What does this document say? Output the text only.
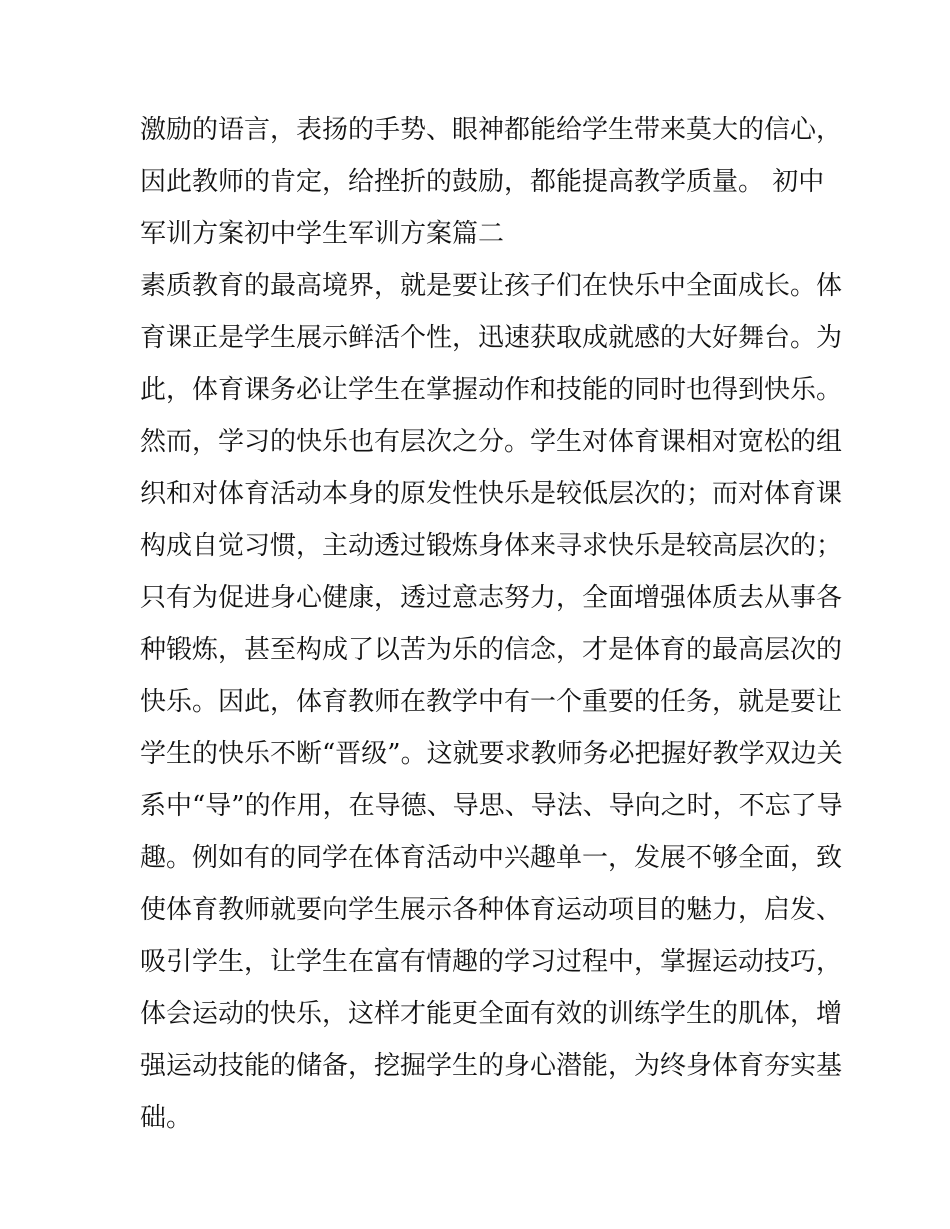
激励的语言，表扬的手势、眼神都能给学生带来莫大的信心，
因此教师的肯定，给挫折的鼓励，都能提高教学质量。 初中
军训方案初中学生军训方案篇二
素质教育的最高境界，就是要让孩子们在快乐中全面成长。体
育课正是学生展示鲜活个性，迅速获取成就感的大好舞台。为
此，体育课务必让学生在掌握动作和技能的同时也得到快乐。
然而，学习的快乐也有层次之分。学生对体育课相对宽松的组
织和对体育活动本身的原发性快乐是较低层次的；而对体育课
构成自觉习惯，主动透过锻炼身体来寻求快乐是较高层次的；
只有为促进身心健康，透过意志努力，全面增强体质去从事各
种锻炼，甚至构成了以苦为乐的信念，才是体育的最高层次的
快乐。因此，体育教师在教学中有一个重要的任务，就是要让
学生的快乐不断“晋级”。这就要求教师务必把握好教学双边关
系中“导”的作用，在导德、导思、导法、导向之时，不忘了导
趣。例如有的同学在体育活动中兴趣单一，发展不够全面，致
使体育教师就要向学生展示各种体育运动项目的魅力，启发、
吸引学生，让学生在富有情趣的学习过程中，掌握运动技巧，
体会运动的快乐，这样才能更全面有效的训练学生的肌体，增
强运动技能的储备，挖掘学生的身心潜能，为终身体育夯实基
础。
